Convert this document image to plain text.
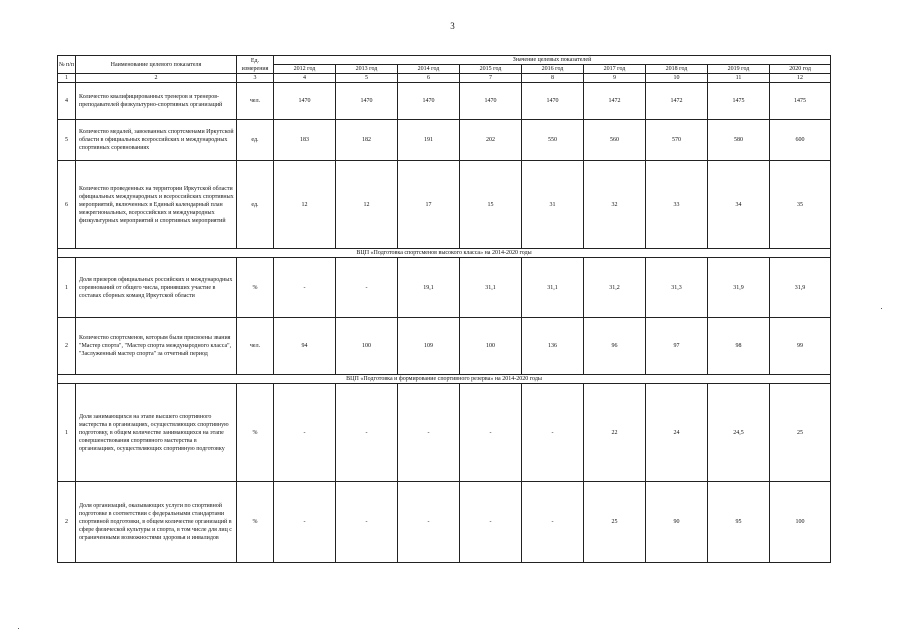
3
№ п/п	Наименование целевого показателя	Ед. измерения	Значение целевых показателей								
			2012 год	2013 год	2014 год	2015 год	2016 год	2017 год	2018 год	2019 год	2020 год
1	2	3	4	5	6	7	8	9	10	11	12
4	Количество квалифицированных тренеров и тренеров-преподавателей физкультурно-спортивных организаций	чел.	1470	1470	1470	1470	1470	1472	1472	1475	1475
5	Количество медалей, завоеванных спортсменами Иркутской области в официальных всероссийских и международных спортивных соревнованиях	ед.	183	182	191	202	550	560	570	580	600
6	Количество проведенных на территории Иркутской области официальных международных и всероссийских спортивных мероприятий, включенных в Единый календарный план межрегиональных, всероссийских и международных физкультурных мероприятий и спортивных мероприятий	ед.	12	12	17	15	31	32	33	34	35
ВЦП «Подготовка спортсменов высокого класса» на 2014-2020 годы											
1	Доля призеров официальных российских и международных соревнований от общего числа, принявших участие в составах сборных команд Иркутской области	%	-	-	19,1	31,1	31,1	31,2	31,3	31,9	31,9
2	Количество спортсменов, которым были присвоены звания "Мастер спорта", "Мастер спорта международного класса", "Заслуженный мастер спорта" за отчетный период	чел.	94	100	109	100	136	96	97	98	99
ВЦП «Подготовка и формирование спортивного резерва» на 2014-2020 годы											
1	Доля занимающихся на этапе высшего спортивного мастерства в организациях, осуществляющих спортивную подготовку, в общем количестве занимающихся на этапе совершенствования спортивного мастерства в организациях, осуществляющих спортивную подготовку	%	-	-	-	-	-	22	24	24,5	25
2	Доля организаций, оказывающих услуги по спортивной подготовке в соответствии с федеральными стандартами спортивной подготовки, в общем количестве организаций в сфере физической культуры и спорта, в том числе для лиц с ограниченными возможностями здоровья и инвалидов	%	-	-	-	-	-	25	90	95	100
